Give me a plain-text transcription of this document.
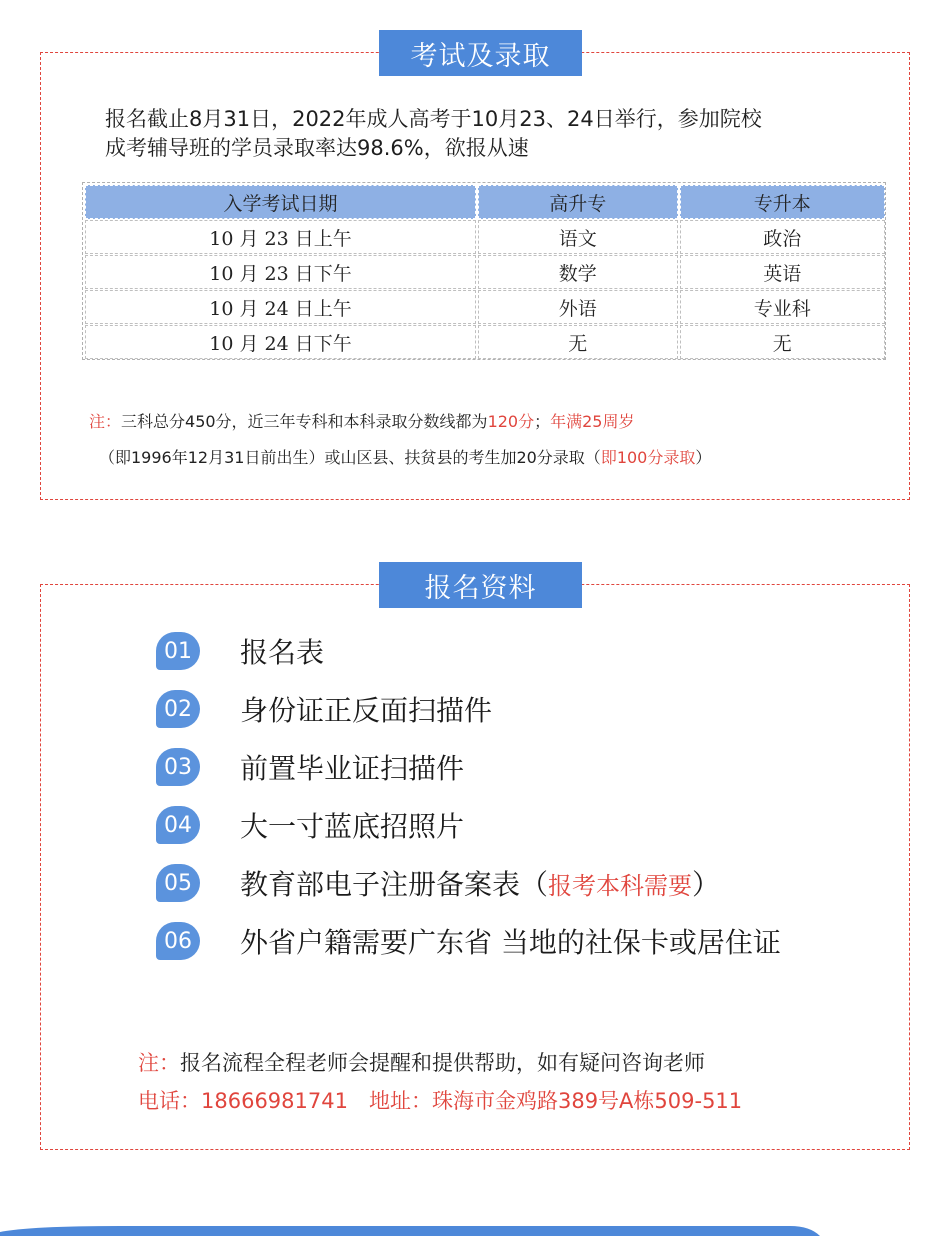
考试及录取
报名截止8月31日，2022年成人高考于10月23、24日举行，参加院校
成考辅导班的学员录取率达98.6%，欲报从速
入学考试日期	高升专	专升本
10 月 23 日上午	语文	政治
10 月 23 日下午	数学	英语
10 月 24 日上午	外语	专业科
10 月 24 日下午	无	无
注：三科总分450分，近三年专科和本科录取分数线都为120分；年满25周岁
（即1996年12月31日前出生）或山区县、扶贫县的考生加20分录取（即100分录取）
报名资料
01 报名表
02 身份证正反面扫描件
03 前置毕业证扫描件
04 大一寸蓝底招照片
05 教育部电子注册备案表（报考本科需要）
06 外省户籍需要广东省 当地的社保卡或居住证
注：报名流程全程老师会提醒和提供帮助，如有疑问咨询老师
电话：18666981741　地址：珠海市金鸡路389号A栋509-511
